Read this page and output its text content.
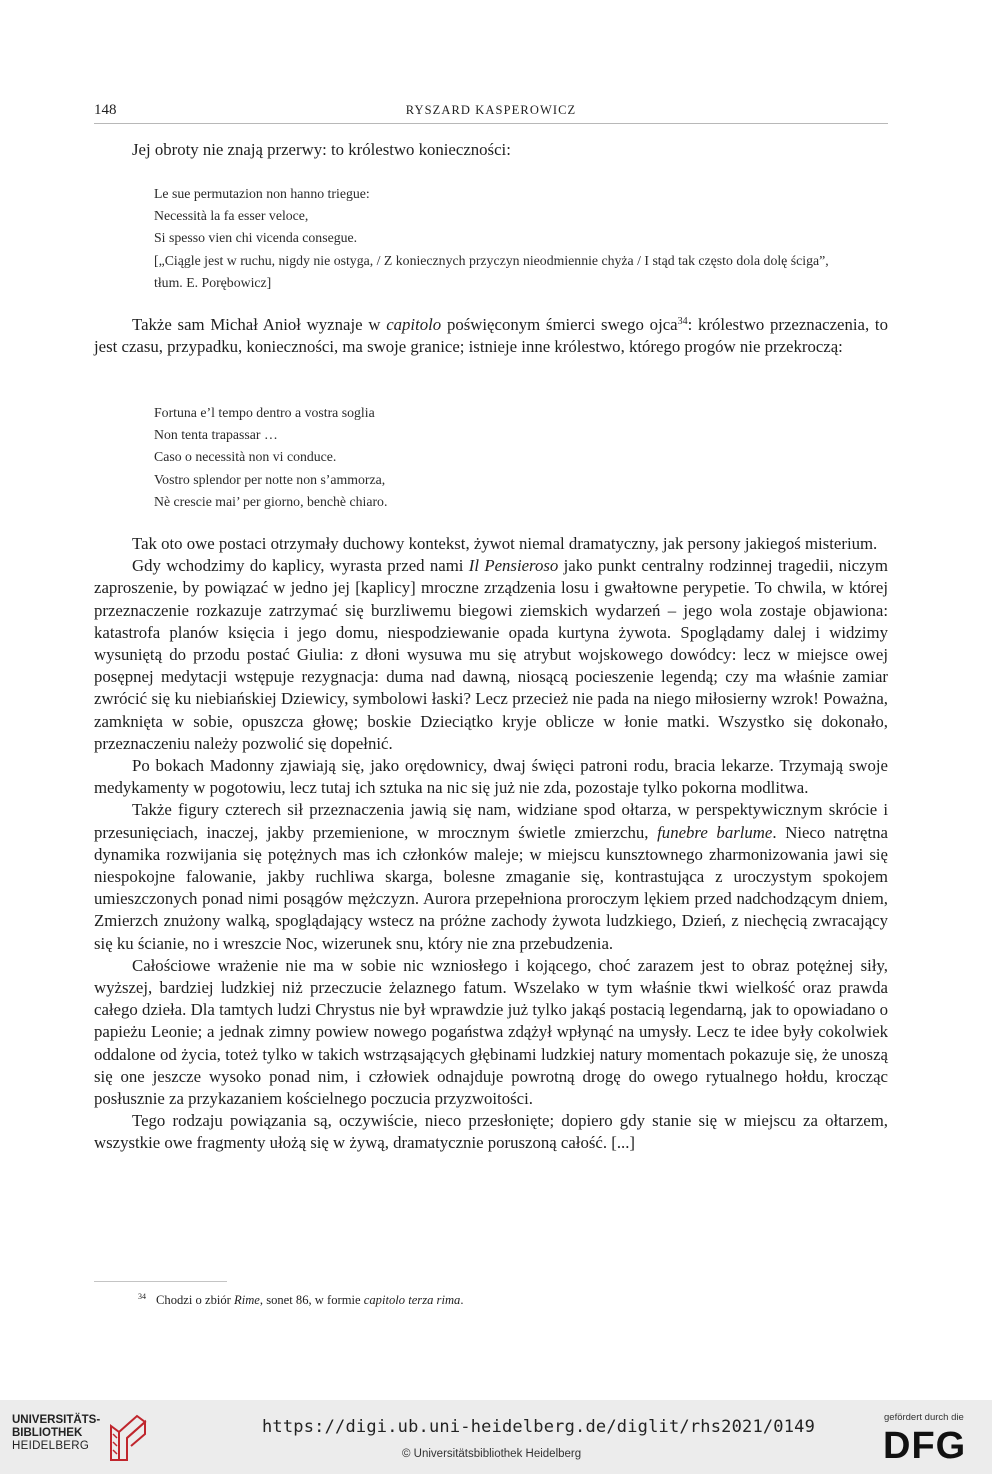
148	RYSZARD KASPEROWICZ

Jej obroty nie znają przerwy: to królestwo konieczności:

Le sue permutazion non hanno triegue:
Necessità la fa esser veloce,
Si spesso vien chi vicenda consegue.
[„Ciągle jest w ruchu, nigdy nie ostyga, / Z koniecznych przyczyn nieodmiennie chyża / I stąd tak często dola dolę ściga”,
tłum. E. Porębowicz]

Także sam Michał Anioł wyznaje w capitolo poświęconym śmierci swego ojca$^{34}$: królestwo przeznaczenia, to jest czasu, przypadku, konieczności, ma swoje granice; istnieje inne królestwo, którego progów nie przekroczą:

Fortuna e’l tempo dentro a vostra soglia
Non tenta trapassar …
Caso o necessità non vi conduce.
Vostro splendor per notte non s’ammorza,
Nè crescie mai’ per giorno, benchè chiaro.

Tak oto owe postaci otrzymały duchowy kontekst, żywot niemal dramatyczny, jak persony jakiegoś misterium.

Gdy wchodzimy do kaplicy, wyrasta przed nami Il Pensieroso jako punkt centralny rodzinnej tragedii, niczym zaproszenie, by powiązać w jedno jej [kaplicy] mroczne zrządzenia losu i gwałtowne perypetie. To chwila, w której przeznaczenie rozkazuje zatrzymać się burzliwemu biegowi ziemskich wydarzeń – jego wola zostaje objawiona: katastrofa planów księcia i jego domu, niespodziewanie opada kurtyna żywota. Spoglądamy dalej i widzimy wysuniętą do przodu postać Giulia: z dłoni wysuwa mu się atrybut wojskowego dowódcy: lecz w miejsce owej posępnej medytacji wstępuje rezygnacja: duma nad dawną, niosącą pocieszenie legendą; czy ma właśnie zamiar zwrócić się ku niebiańskiej Dziewicy, symbolowi łaski? Lecz przecież nie pada na niego miłosierny wzrok! Poważna, zamknięta w sobie, opuszcza głowę; boskie Dzieciątko kryje oblicze w łonie matki. Wszystko się dokonało, przeznaczeniu należy pozwolić się dopełnić.

Po bokach Madonny zjawiają się, jako orędownicy, dwaj święci patroni rodu, bracia lekarze. Trzymają swoje medykamenty w pogotowiu, lecz tutaj ich sztuka na nic się już nie zda, pozostaje tylko pokorna modlitwa.

Także figury czterech sił przeznaczenia jawią się nam, widziane spod ołtarza, w perspektywicznym skrócie i przesunięciach, inaczej, jakby przemienione, w mrocznym świetle zmierzchu, funebre barlume. Nieco natrętna dynamika rozwijania się potężnych mas ich członków maleje; w miejscu kunsztownego zharmonizowania jawi się niespokojne falowanie, jakby ruchliwa skarga, bolesne zmaganie się, kontrastująca z uroczystym spokojem umieszczonych ponad nimi posągów mężczyzn. Aurora przepełniona proroczym lękiem przed nadchodzącym dniem, Zmierzch znużony walką, spoglądający wstecz na próżne zachody żywota ludzkiego, Dzień, z niechęcią zwracający się ku ścianie, no i wreszcie Noc, wizerunek snu, który nie zna przebudzenia.

Całościowe wrażenie nie ma w sobie nic wzniosłego i kojącego, choć zarazem jest to obraz potężnej siły, wyższej, bardziej ludzkiej niż przeczucie żelaznego fatum. Wszelako w tym właśnie tkwi wielkość oraz prawda całego dzieła. Dla tamtych ludzi Chrystus nie był wprawdzie już tylko jakąś postacią legendarną, jak to opowiadano o papieżu Leonie; a jednak zimny powiew nowego pogaństwa zdążył wpłynąć na umysły. Lecz te idee były cokolwiek oddalone od życia, toteż tylko w takich wstrząsających głębinami ludzkiej natury momentach pokazuje się, że unoszą się one jeszcze wysoko ponad nim, i człowiek odnajduje powrotną drogę do owego rytualnego hołdu, krocząc posłusznie za przykazaniem kościelnego poczucia przyzwoitości.

Tego rodzaju powiązania są, oczywiście, nieco przesłonięte; dopiero gdy stanie się w miejscu za ołtarzem, wszystkie owe fragmenty ułożą się w żywą, dramatycznie poruszoną całość. [...]

$^{34}$ Chodzi o zbiór Rime, sonet 86, w formie capitolo terza rima.
UNIVERSITÄTS-
BIBLIOTHEK
HEIDELBERG
https://digi.ub.uni-heidelberg.de/diglit/rhs2021/0149
© Universitätsbibliothek Heidelberg
gefördert durch die
DFG
